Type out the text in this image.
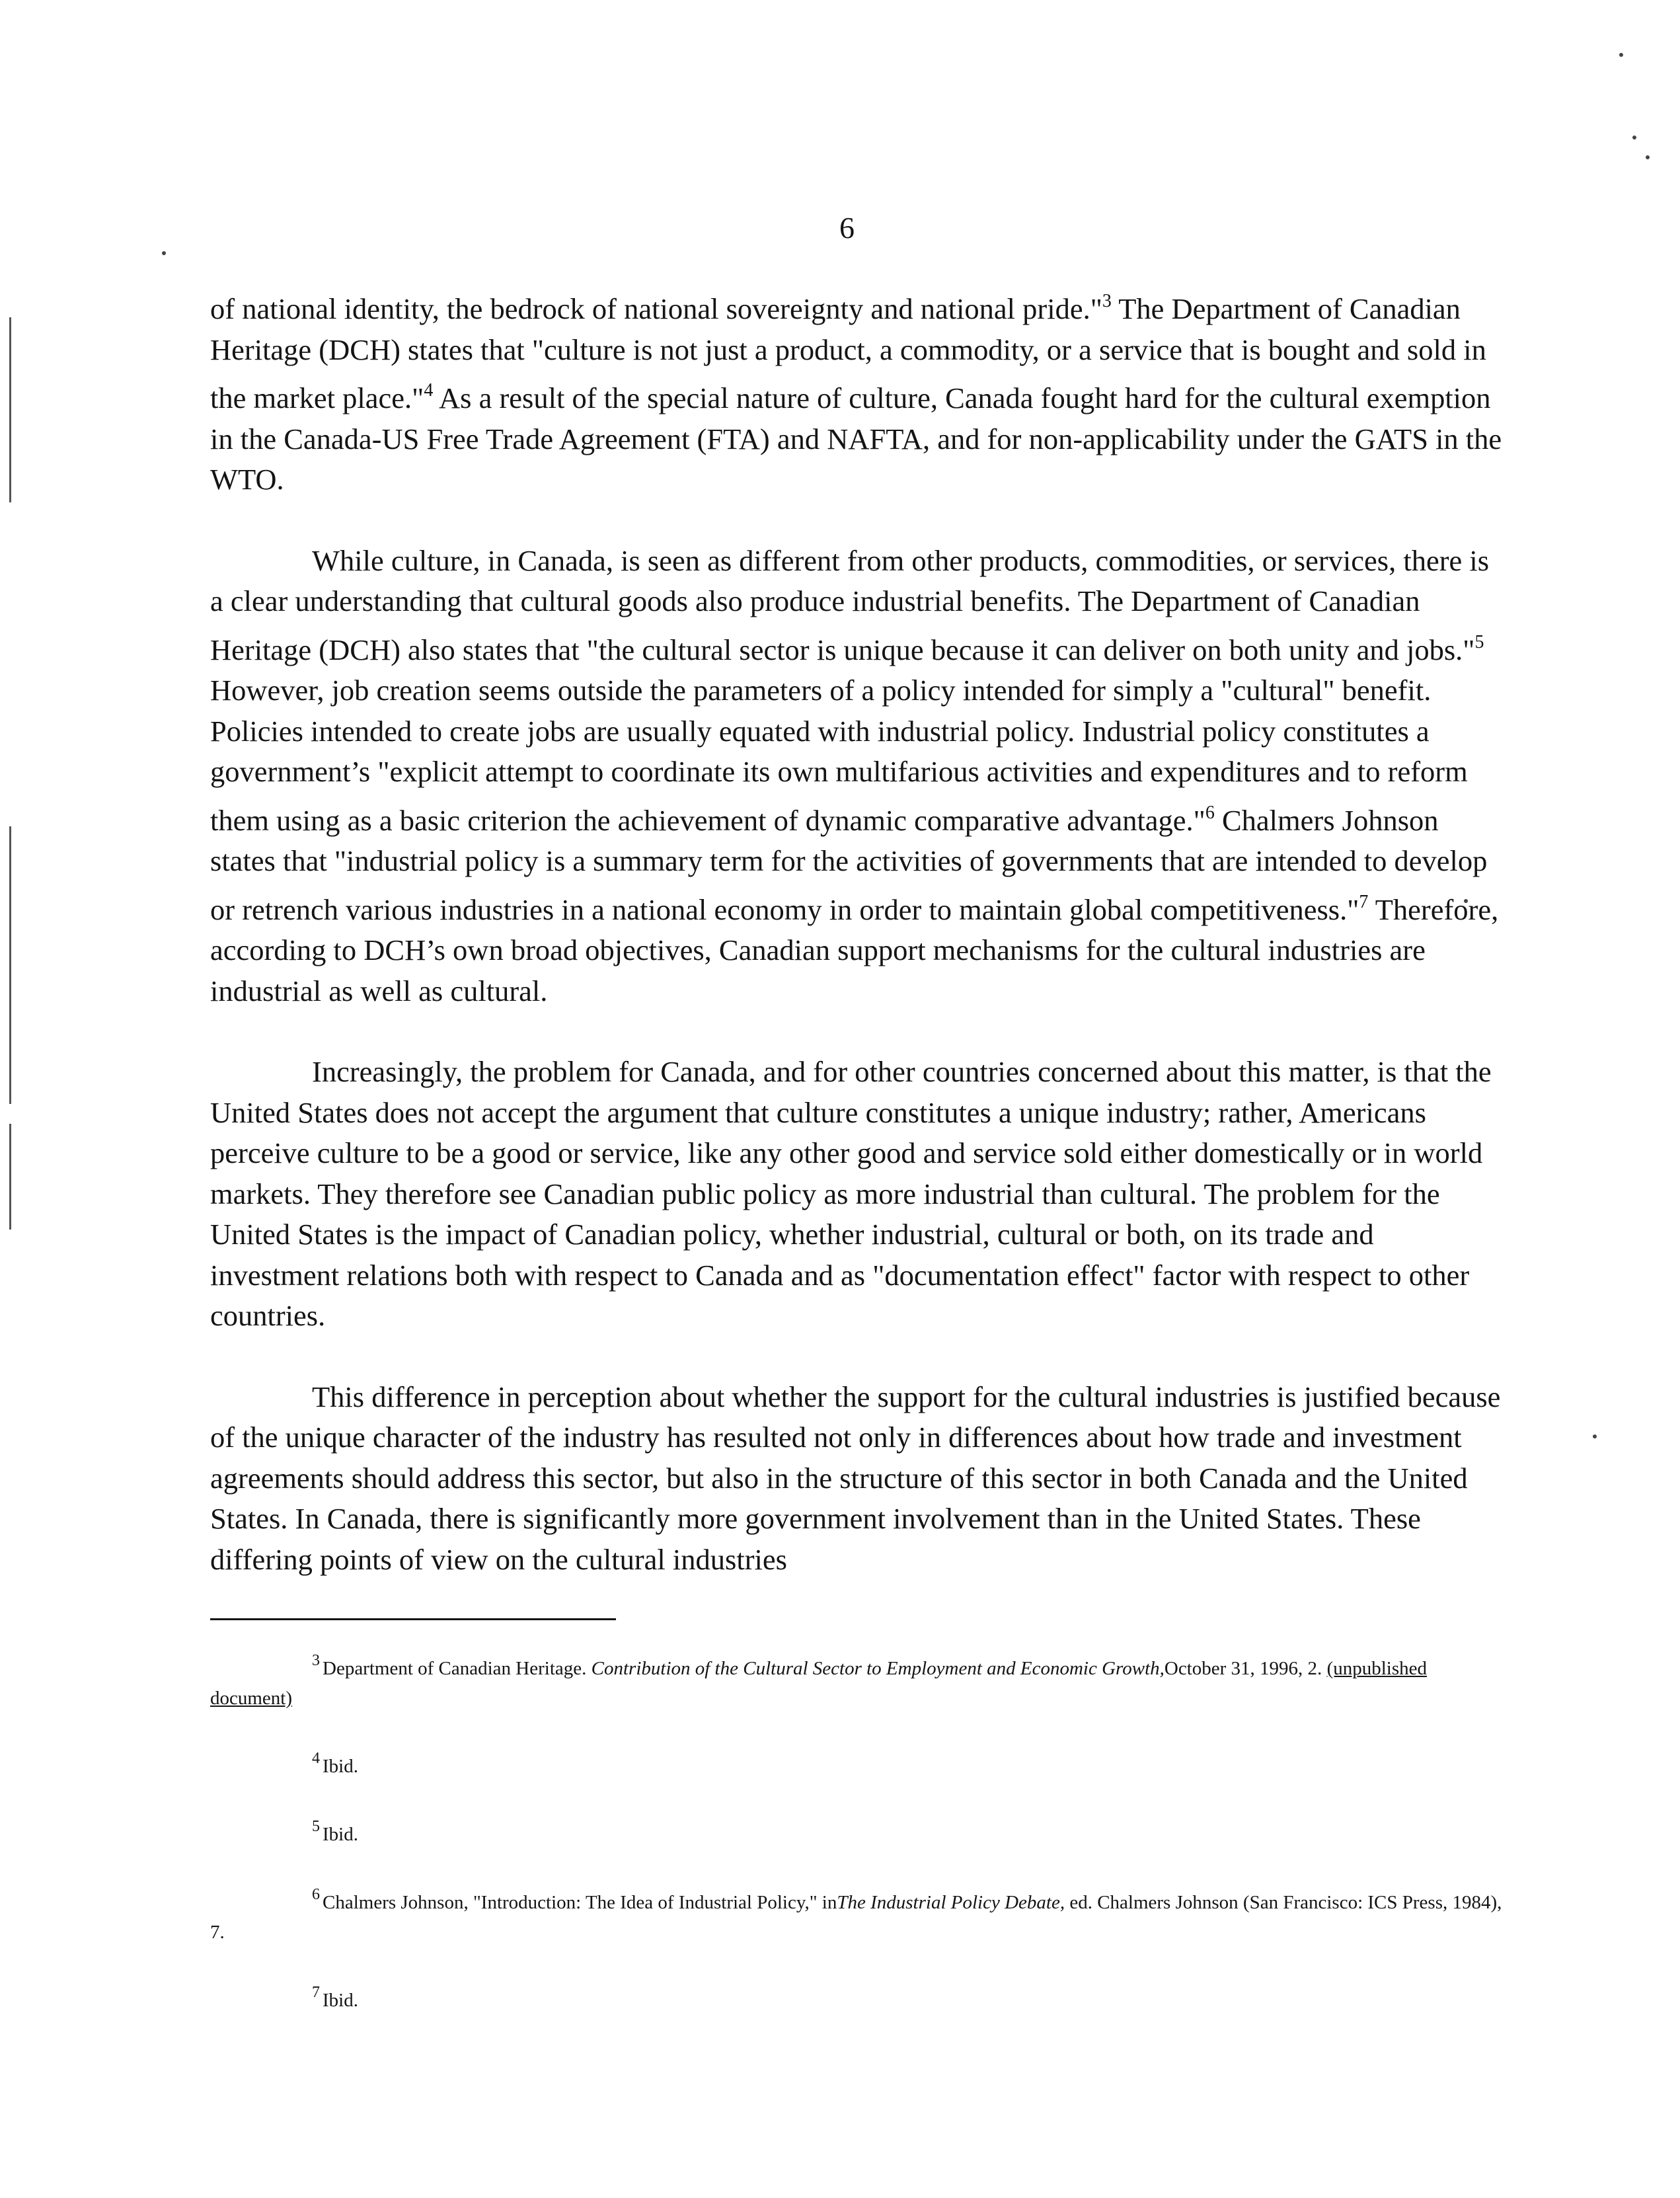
6

of national identity, the bedrock of national sovereignty and national pride."$^3$ The Department of Canadian Heritage (DCH) states that "culture is not just a product, a commodity, or a service that is bought and sold in the market place."$^4$ As a result of the special nature of culture, Canada fought hard for the cultural exemption in the Canada-US Free Trade Agreement (FTA) and NAFTA, and for non-applicability under the GATS in the WTO.

While culture, in Canada, is seen as different from other products, commodities, or services, there is a clear understanding that cultural goods also produce industrial benefits. The Department of Canadian Heritage (DCH) also states that "the cultural sector is unique because it can deliver on both unity and jobs."$^5$ However, job creation seems outside the parameters of a policy intended for simply a "cultural" benefit. Policies intended to create jobs are usually equated with industrial policy. Industrial policy constitutes a government’s "explicit attempt to coordinate its own multifarious activities and expenditures and to reform them using as a basic criterion the achievement of dynamic comparative advantage."$^6$ Chalmers Johnson states that "industrial policy is a summary term for the activities of governments that are intended to develop or retrench various industries in a national economy in order to maintain global competitiveness."$^7$ Therefore, according to DCH’s own broad objectives, Canadian support mechanisms for the cultural industries are industrial as well as cultural.

Increasingly, the problem for Canada, and for other countries concerned about this matter, is that the United States does not accept the argument that culture constitutes a unique industry; rather, Americans perceive culture to be a good or service, like any other good and service sold either domestically or in world markets. They therefore see Canadian public policy as more industrial than cultural. The problem for the United States is the impact of Canadian policy, whether industrial, cultural or both, on its trade and investment relations both with respect to Canada and as "documentation effect" factor with respect to other countries.

This difference in perception about whether the support for the cultural industries is justified because of the unique character of the industry has resulted not only in differences about how trade and investment agreements should address this sector, but also in the structure of this sector in both Canada and the United States. In Canada, there is significantly more government involvement than in the United States. These differing points of view on the cultural industries

$^3$ Department of Canadian Heritage. Contribution of the Cultural Sector to Employment and Economic Growth,October 31, 1996, 2. (unpublished document)
$^4$ Ibid.
$^5$ Ibid.
$^6$ Chalmers Johnson, "Introduction: The Idea of Industrial Policy," inThe Industrial Policy Debate, ed. Chalmers Johnson (San Francisco: ICS Press, 1984), 7.
$^7$ Ibid.
